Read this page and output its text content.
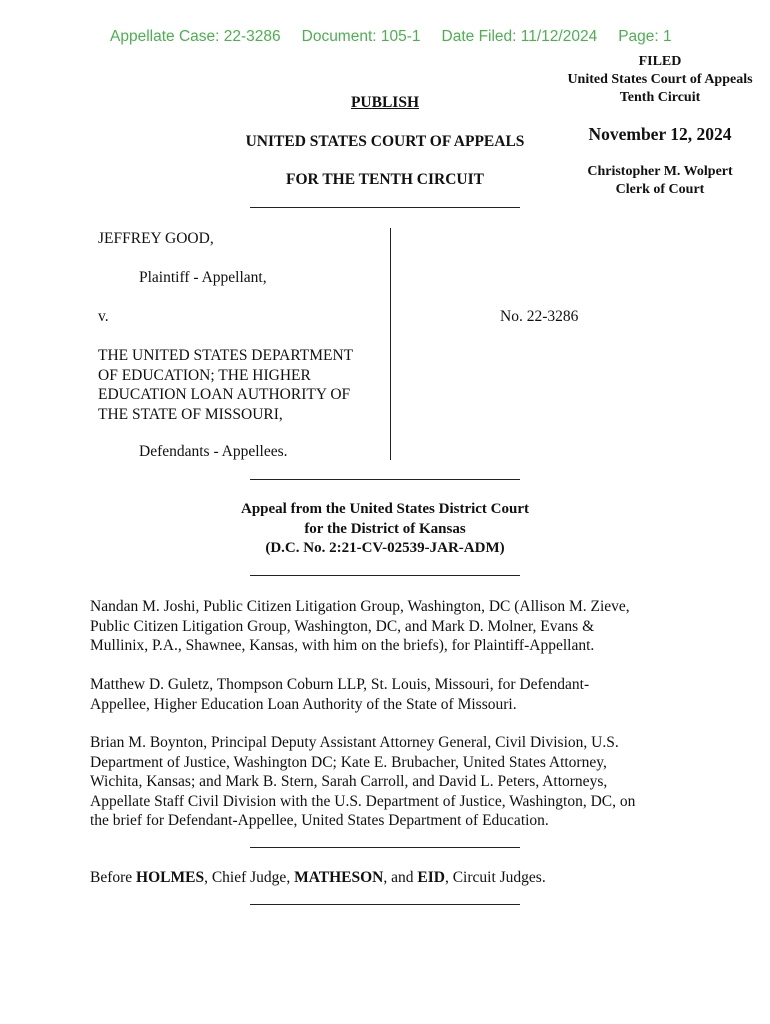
Appellate Case: 22-3286 Document: 105-1 Date Filed: 11/12/2024 Page: 1
FILED
United States Court of Appeals
Tenth Circuit
November 12, 2024
Christopher M. Wolpert
Clerk of Court
PUBLISH
UNITED STATES COURT OF APPEALS
FOR THE TENTH CIRCUIT
JEFFREY GOOD,
Plaintiff - Appellant,
v.
THE UNITED STATES DEPARTMENT
OF EDUCATION; THE HIGHER
EDUCATION LOAN AUTHORITY OF
THE STATE OF MISSOURI,
Defendants - Appellees.
No. 22-3286
Appeal from the United States District Court
for the District of Kansas
(D.C. No. 2:21-CV-02539-JAR-ADM)

Nandan M. Joshi, Public Citizen Litigation Group, Washington, DC (Allison M. Zieve,

Public Citizen Litigation Group, Washington, DC, and Mark D. Molner, Evans &

Mullinix, P.A., Shawnee, Kansas, with him on the briefs), for Plaintiff-Appellant.

Matthew D. Guletz, Thompson Coburn LLP, St. Louis, Missouri, for Defendant-

Appellee, Higher Education Loan Authority of the State of Missouri.

Brian M. Boynton, Principal Deputy Assistant Attorney General, Civil Division, U.S.

Department of Justice, Washington DC; Kate E. Brubacher, United States Attorney,

Wichita, Kansas; and Mark B. Stern, Sarah Carroll, and David L. Peters, Attorneys,

Appellate Staff Civil Division with the U.S. Department of Justice, Washington, DC, on

the brief for Defendant-Appellee, United States Department of Education.

Before HOLMES, Chief Judge, MATHESON, and EID, Circuit Judges.
